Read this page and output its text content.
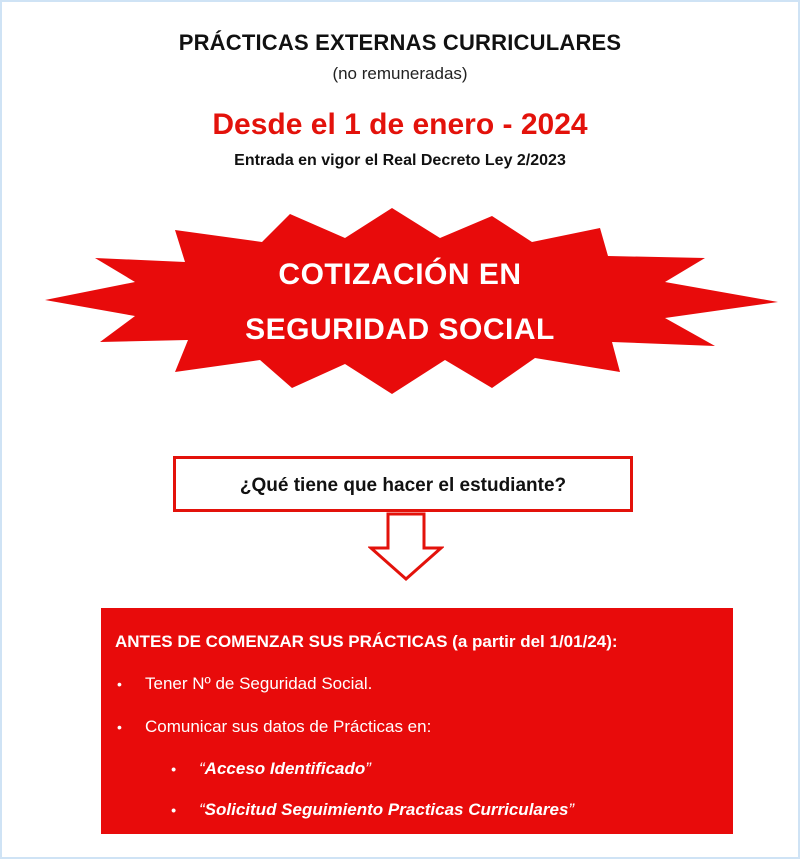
PRÁCTICAS EXTERNAS CURRICULARES
(no remuneradas)
Desde el 1 de enero - 2024
Entrada en vigor el Real Decreto Ley 2/2023
COTIZACIÓN EN
SEGURIDAD SOCIAL
¿Qué tiene que hacer el estudiante?
ANTES DE COMENZAR SUS PRÁCTICAS (a partir del 1/01/24):
•	Tener Nº de Seguridad Social.
•	Comunicar sus datos de Prácticas en:
•	“ Acceso Identificado ”
•	“ Solicitud Seguimiento Practicas Curriculares ”
